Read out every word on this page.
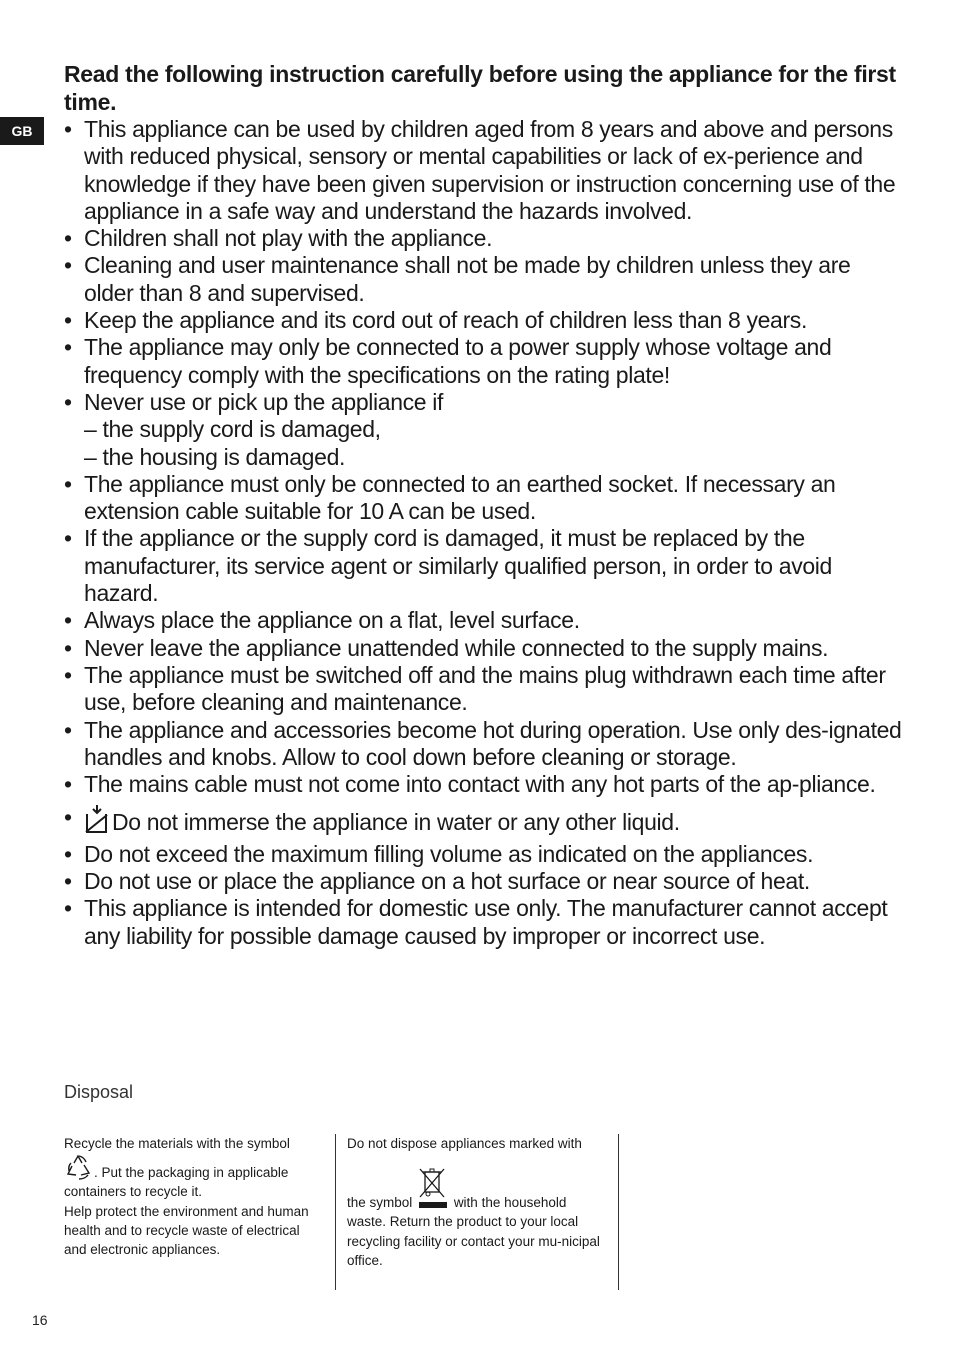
GB

Read the following instruction carefully before using the appliance for the first time.

• This appliance can be used by children aged from 8 years and above and persons with reduced physical, sensory or mental capabilities or lack of ex-perience and knowledge if they have been given supervision or instruction concerning use of the appliance in a safe way and understand the hazards involved.
• Children shall not play with the appliance.
• Cleaning and user maintenance shall not be made by children unless they are older than 8 and supervised.
• Keep the appliance and its cord out of reach of children less than 8 years.
• The appliance may only be connected to a power supply whose voltage and frequency comply with the specifications on the rating plate!
• Never use or pick up the appliance if
– the supply cord is damaged,
– the housing is damaged.
• The appliance must only be connected to an earthed socket. If necessary an extension cable suitable for 10 A can be used.
• If the appliance or the supply cord is damaged, it must be replaced by the manufacturer, its service agent or similarly qualified person, in order to avoid hazard.
• Always place the appliance on a flat, level surface.
• Never leave the appliance unattended while connected to the supply mains.
• The appliance must be switched off and the mains plug withdrawn each time after use, before cleaning and maintenance.
• The appliance and accessories become hot during operation. Use only des-ignated handles and knobs. Allow to cool down before cleaning or storage.
• The mains cable must not come into contact with any hot parts of the ap-pliance.
• Do not immerse the appliance in water or any other liquid.
• Do not exceed the maximum filling volume as indicated on the appliances.
• Do not use or place the appliance on a hot surface or near source of heat.
• This appliance is intended for domestic use only. The manufacturer cannot accept any liability for possible damage caused by improper or incorrect use.
Disposal
Recycle the materials with the symbol
. Put the packaging in applicable containers to recycle it.
Help protect the environment and human health and to recycle waste of electrical and electronic appliances.
Do not dispose appliances marked with
the symbol	with the household waste. Return the product to your local recycling facility or contact your mu-nicipal office.
16
